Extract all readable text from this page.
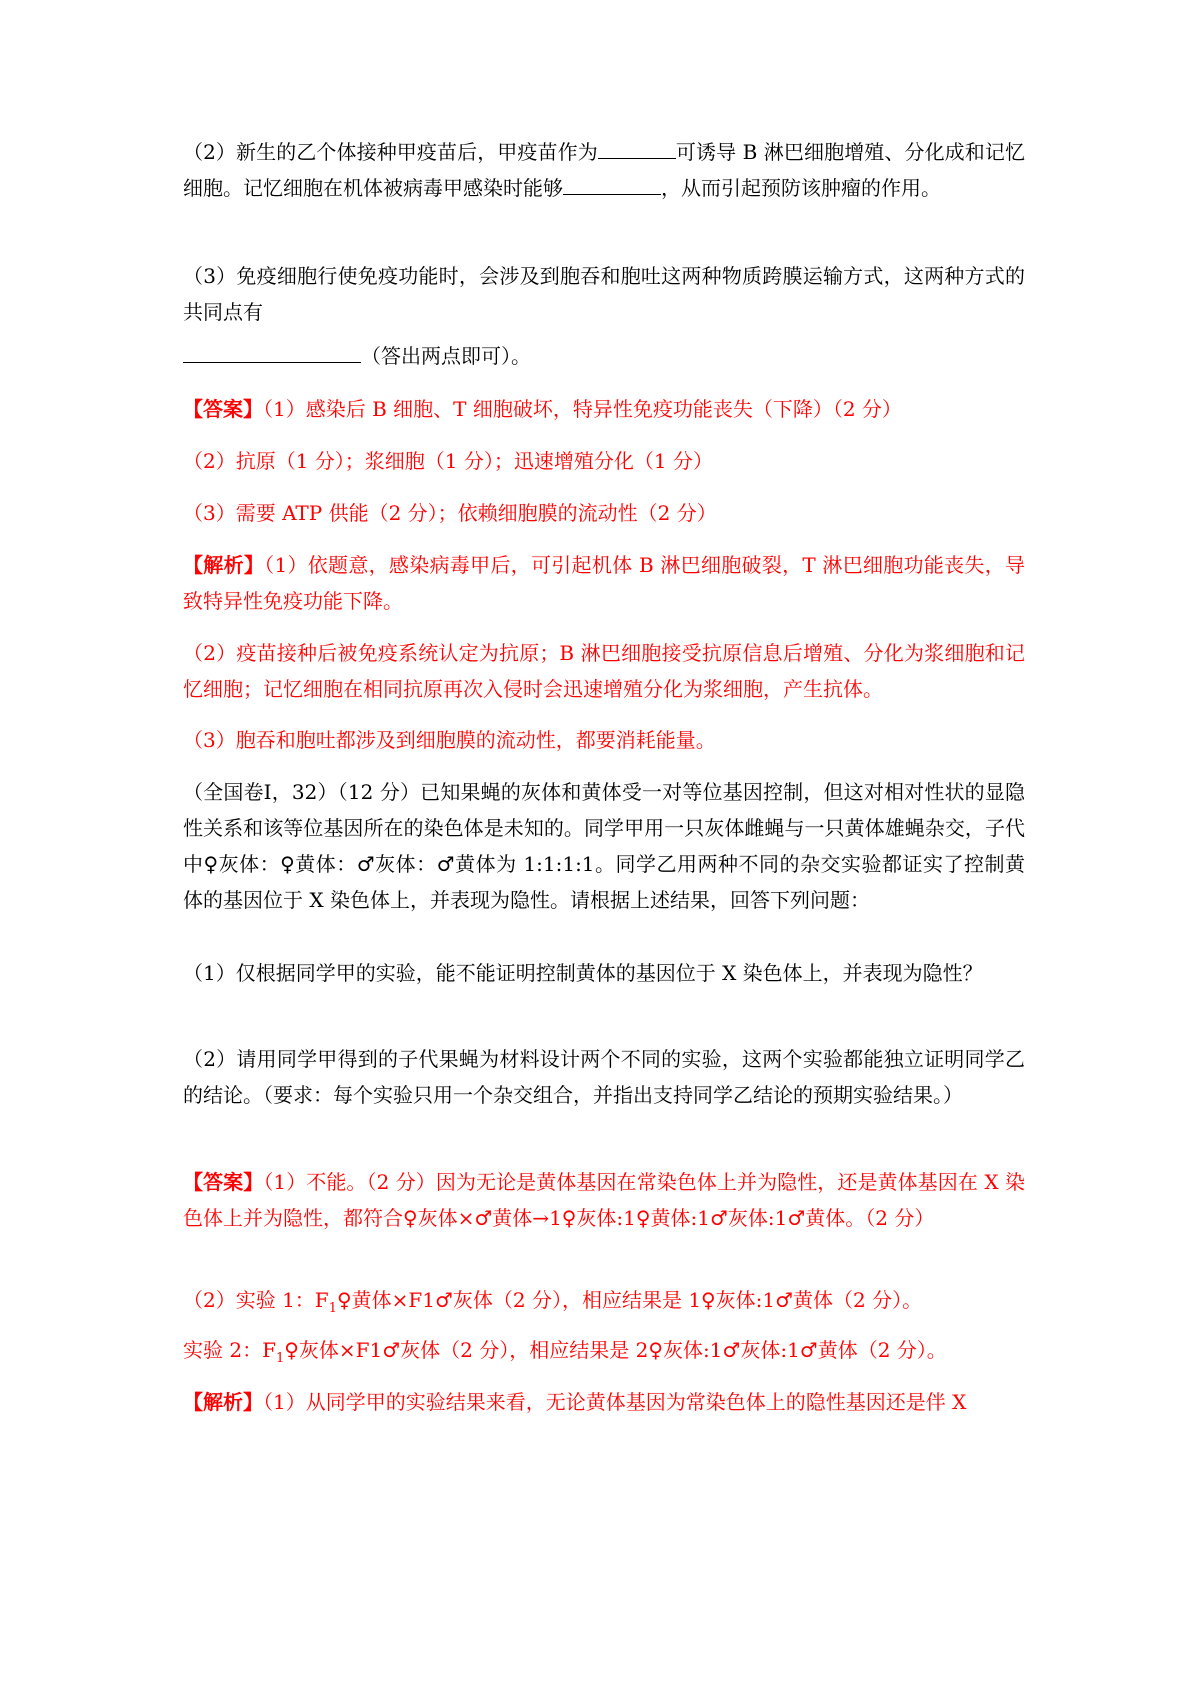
（2）新生的乙个体接种甲疫苗后，甲疫苗作为	可诱导 B 淋巴细胞增殖、分化成和记忆细胞。记忆细胞在机体被病毒甲感染时能够	，从而引起预防该肿瘤的作用。

（3）免疫细胞行使免疫功能时，会涉及到胞吞和胞吐这两种物质跨膜运输方式，这两种方式的共同点有

（答出两点即可）。

【答案】（1）感染后 B 细胞、T 细胞破坏，特异性免疫功能丧失（下降）（2 分）

（2）抗原（1 分）；浆细胞（1 分）；迅速增殖分化（1 分）

（3）需要 ATP 供能（2 分）；依赖细胞膜的流动性（2 分）

【解析】（1）依题意，感染病毒甲后，可引起机体 B 淋巴细胞破裂，T 淋巴细胞功能丧失，导致特异性免疫功能下降。

（2）疫苗接种后被免疫系统认定为抗原；B 淋巴细胞接受抗原信息后增殖、分化为浆细胞和记忆细胞；记忆细胞在相同抗原再次入侵时会迅速增殖分化为浆细胞，产生抗体。

（3）胞吞和胞吐都涉及到细胞膜的流动性，都要消耗能量。

（全国卷Ⅰ，32）（12 分）已知果蝇的灰体和黄体受一对等位基因控制，但这对相对性状的显隐性关系和该等位基因所在的染色体是未知的。同学甲用一只灰体雌蝇与一只黄体雄蝇杂交，子代中♀灰体：♀黄体：♂灰体：♂黄体为 1:1:1:1。同学乙用两种不同的杂交实验都证实了控制黄体的基因位于 X 染色体上，并表现为隐性。请根据上述结果，回答下列问题：

（1）仅根据同学甲的实验，能不能证明控制黄体的基因位于 X 染色体上，并表现为隐性？

（2）请用同学甲得到的子代果蝇为材料设计两个不同的实验，这两个实验都能独立证明同学乙的结论。（要求：每个实验只用一个杂交组合，并指出支持同学乙结论的预期实验结果。）

【答案】（1）不能。（2 分）因为无论是黄体基因在常染色体上并为隐性，还是黄体基因在 X 染色体上并为隐性，都符合♀灰体×♂黄体→1♀灰体:1♀黄体:1♂灰体:1♂黄体。（2 分）

（2）实验 1：$F_1♀$黄体×F1♂灰体（2 分），相应结果是 1♀灰体:1♂黄体（2 分）。

实验 2：$F_1♀$灰体×F1♂灰体（2 分），相应结果是 2♀灰体:1♂灰体:1♂黄体（2 分）。

【解析】（1）从同学甲的实验结果来看，无论黄体基因为常染色体上的隐性基因还是伴 X
